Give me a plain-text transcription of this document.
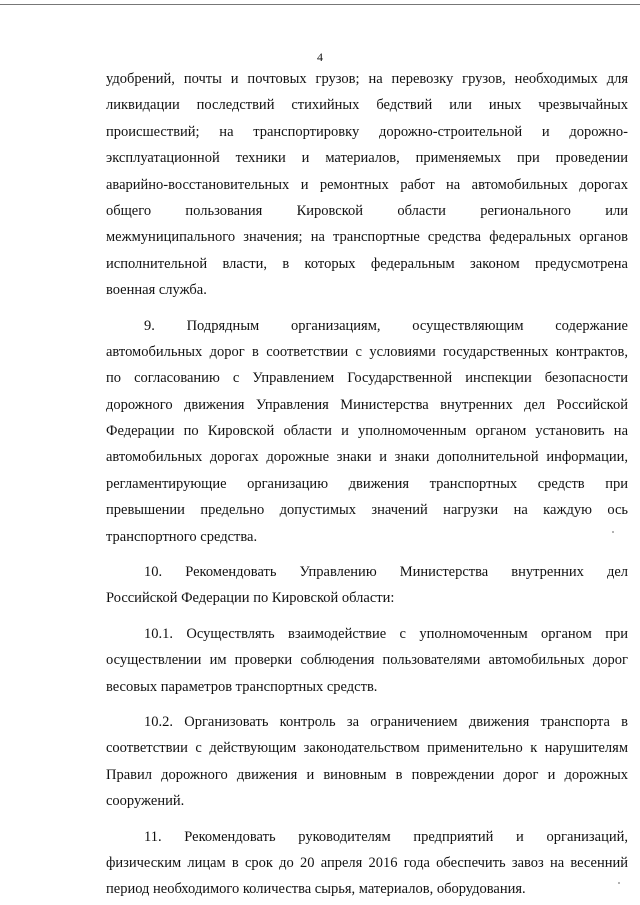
4
удобрений, почты и почтовых грузов; на перевозку грузов, необходимых для
ликвидации последствий стихийных бедствий или иных чрезвычайных
происшествий; на транспортировку дорожно-строительной и дорожно-
эксплуатационной техники и материалов, применяемых при проведении
аварийно-восстановительных и ремонтных работ на автомобильных дорогах
общего пользования Кировской области регионального или
межмуниципального значения; на транспортные средства федеральных органов
исполнительной власти, в которых федеральным законом предусмотрена
военная служба.
9. Подрядным организациям, осуществляющим содержание
автомобильных дорог в соответствии с условиями государственных контрактов,
по согласованию с Управлением Государственной инспекции безопасности
дорожного движения Управления Министерства внутренних дел Российской
Федерации по Кировской области и уполномоченным органом установить на
автомобильных дорогах дорожные знаки и знаки дополнительной информации,
регламентирующие организацию движения транспортных средств при
превышении предельно допустимых значений нагрузки на каждую ось
транспортного средства.
10. Рекомендовать Управлению Министерства внутренних дел
Российской Федерации по Кировской области:
10.1. Осуществлять взаимодействие с уполномоченным органом при
осуществлении им проверки соблюдения пользователями автомобильных дорог
весовых параметров транспортных средств.
10.2. Организовать контроль за ограничением движения транспорта в
соответствии с действующим законодательством применительно к нарушителям
Правил дорожного движения и виновным в повреждении дорог и дорожных
сооружений.
11. Рекомендовать руководителям предприятий и организаций,
физическим лицам в срок до 20 апреля 2016 года обеспечить завоз на весенний
период необходимого количества сырья, материалов, оборудования.
